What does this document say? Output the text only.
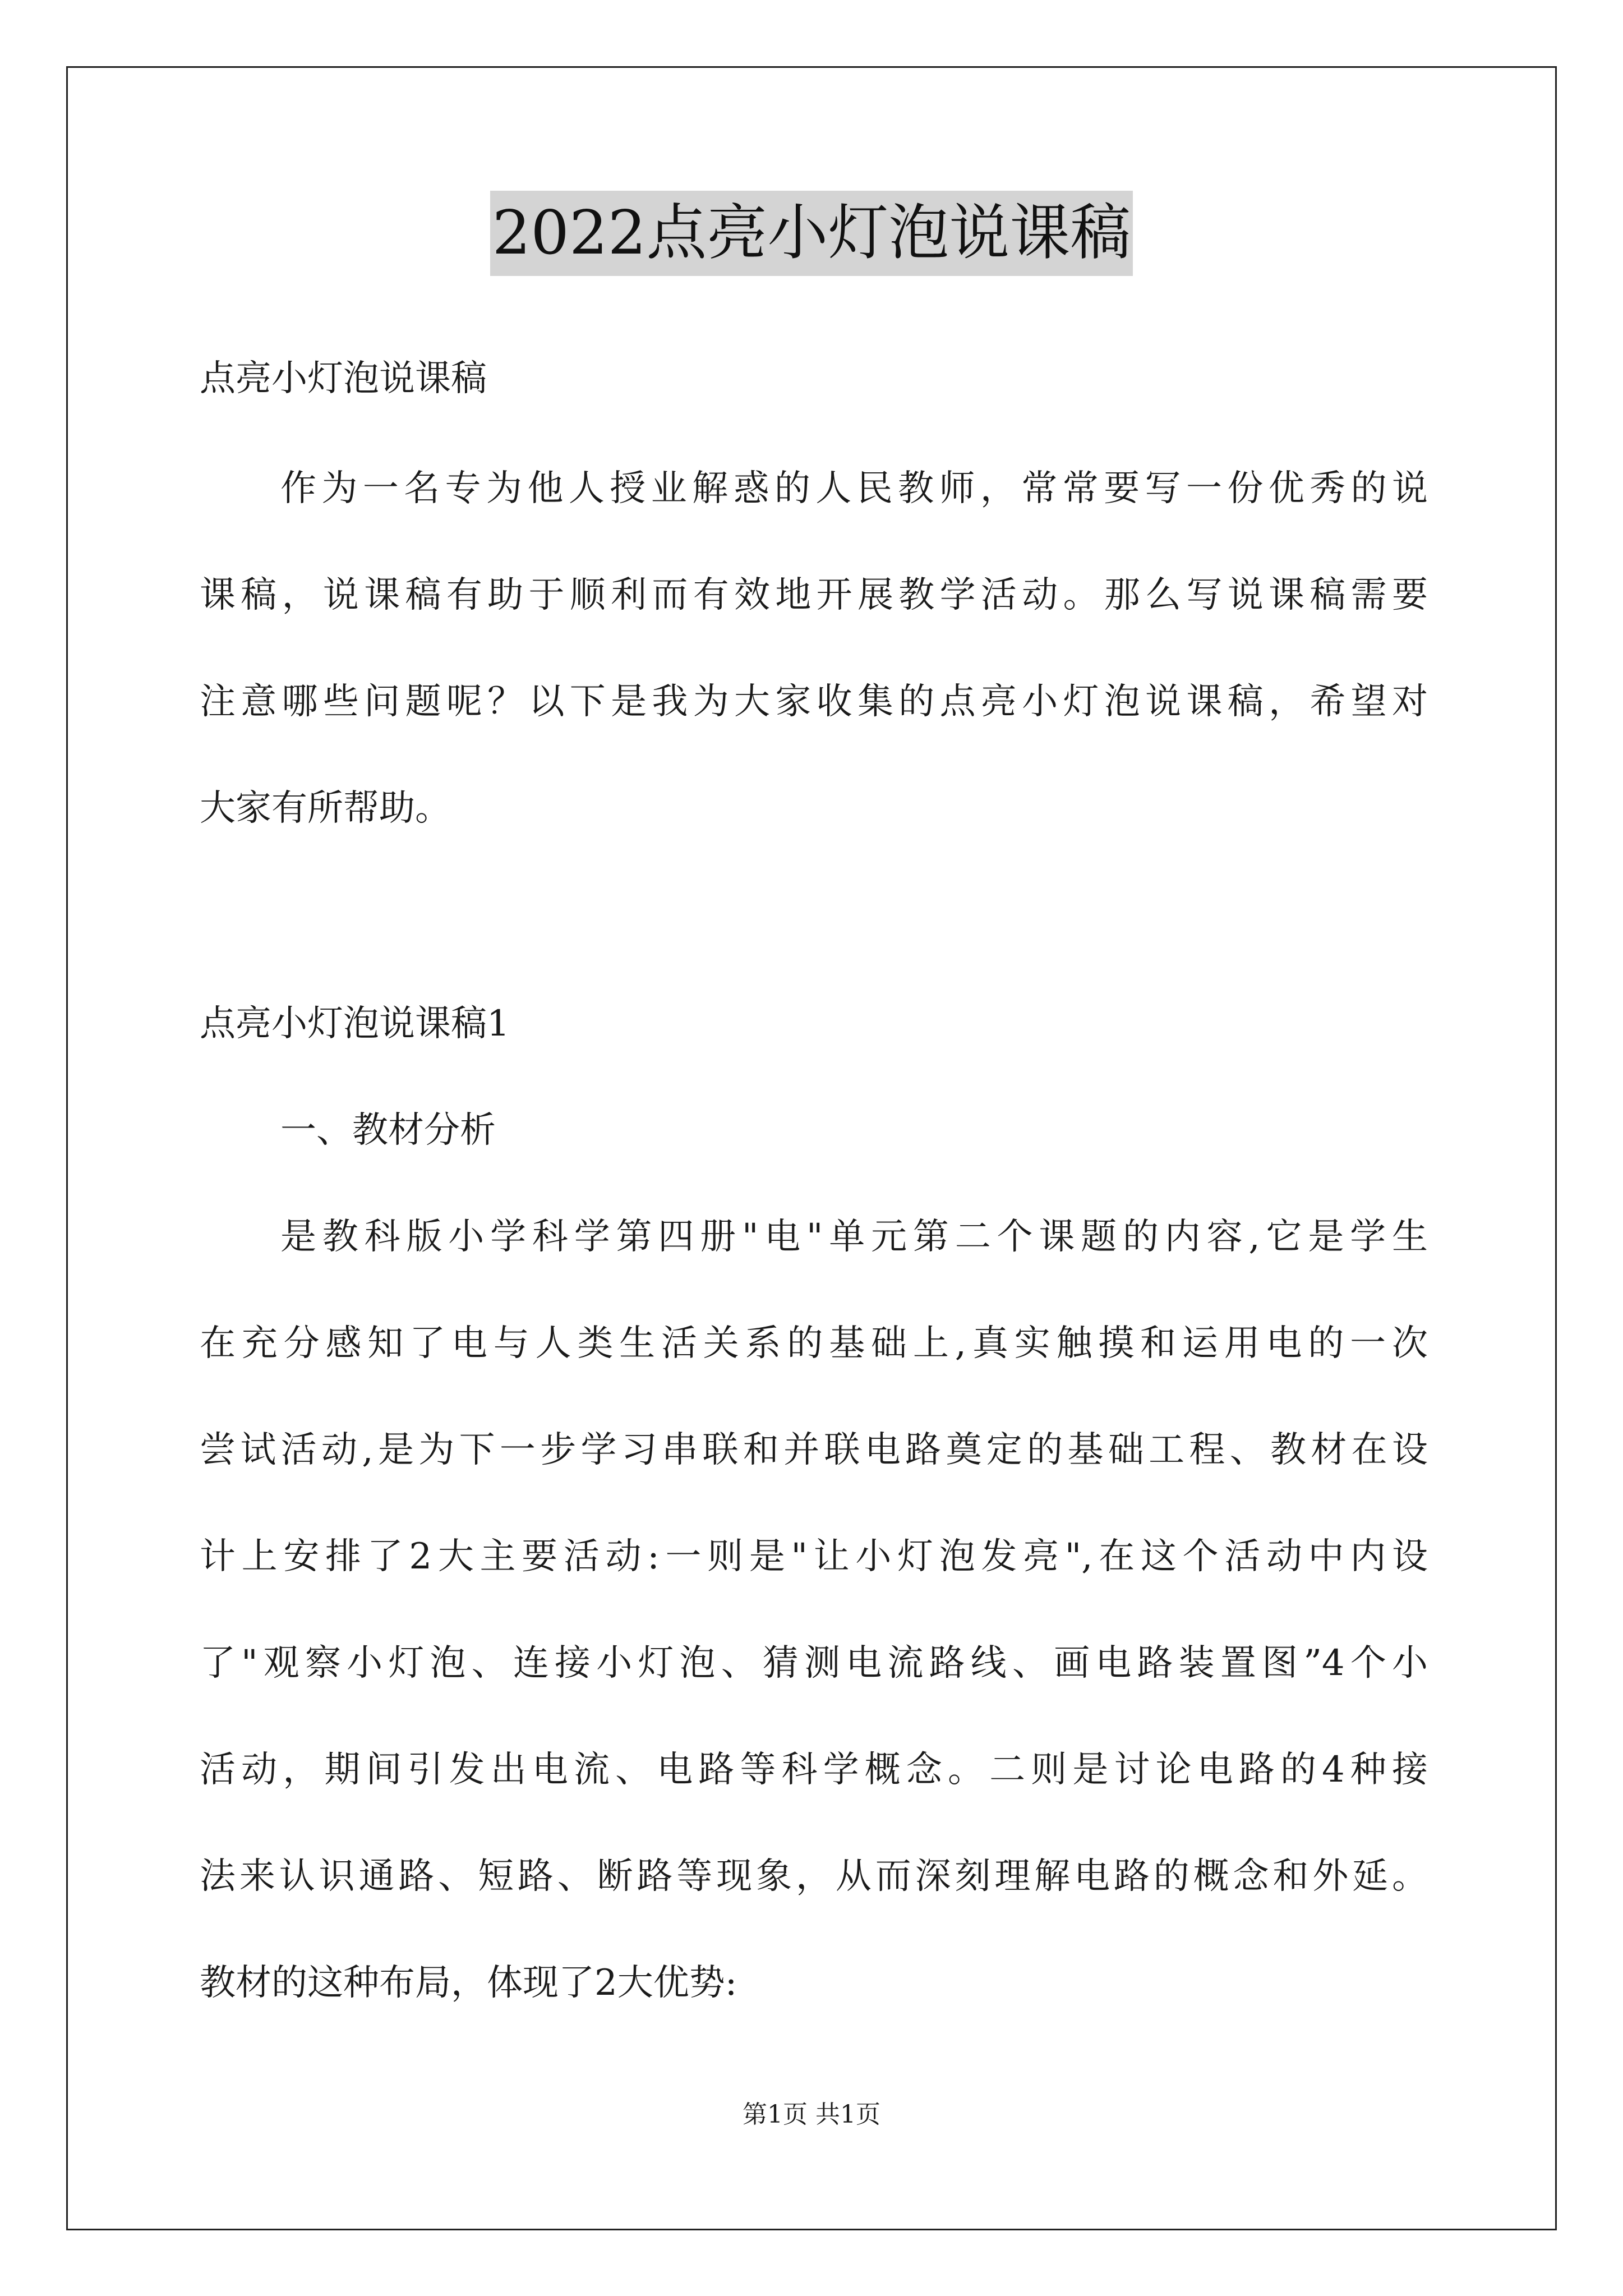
2022点亮小灯泡说课稿
点亮小灯泡说课稿
作为一名专为他人授业解惑的人民教师，常常要写一份优秀的说
课稿，说课稿有助于顺利而有效地开展教学活动。那么写说课稿需要
注意哪些问题呢？以下是我为大家收集的点亮小灯泡说课稿，希望对
大家有所帮助。
点亮小灯泡说课稿1
一、教材分析
是教科版小学科学第四册"电"单元第二个课题的内容,它是学生
在充分感知了电与人类生活关系的基础上,真实触摸和运用电的一次
尝试活动,是为下一步学习串联和并联电路奠定的基础工程、教材在设
计上安排了2大主要活动:一则是"让小灯泡发亮",在这个活动中内设
了"观察小灯泡、连接小灯泡、猜测电流路线、画电路装置图”4个小
活动，期间引发出电流、电路等科学概念。二则是讨论电路的4种接
法来认识通路、短路、断路等现象，从而深刻理解电路的概念和外延。
教材的这种布局，体现了2大优势:
第1页 共1页
